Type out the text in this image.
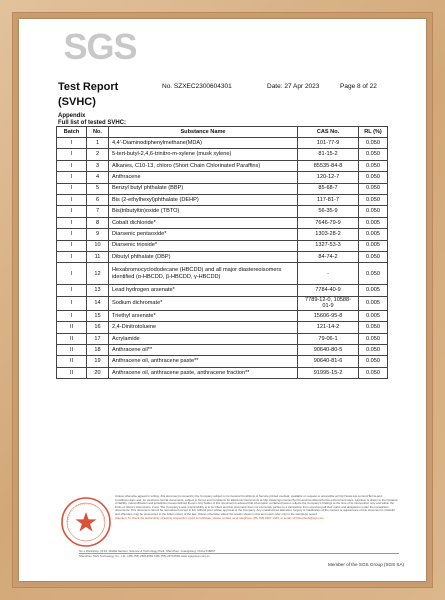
SGS
Test Report
(SVHC)
No. SZXEC2300604301	Date: 27 Apr 2023	Page 8 of 22
Appendix
Full list of tested SVHC:
Batch	No.	Substance Name	CAS No.	RL (%)
I	1	4,4'-Diaminodiphenylmethane(MDA)	101-77-9	0.050
I	2	5-tert-butyl-2,4,6-trinitro-m-xylene (musk xylene)	81-15-2	0.050
I	3	Alkanes, C10-13, chloro (Short Chain Chlorinated Paraffins)	85535-84-8	0.050
I	4	Anthracene	120-12-7	0.050
I	5	Benzyl butyl phthalate (BBP)	85-68-7	0.050
I	6	Bis (2-ethylhexyl)phthalate (DEHP)	117-81-7	0.050
I	7	Bis(tributyltin)oxide (TBTO)	56-35-9	0.050
I	8	Cobalt dichloride*	7646-79-9	0.005
I	9	Diarsenic pentaoxide*	1303-28-2	0.005
I	10	Diarsenic trioxide*	1327-53-3	0.005
I	11	Dibutyl phthalate (DBP)	84-74-2	0.050
I	12	Hexabromocyclododecane (HBCDD) and all major diastereoisomers identified (α-HBCDD, β-HBCDD, γ-HBCDD)	-	0.050
I	13	Lead hydrogen arsenate*	7784-40-9	0.005
I	14	Sodium dichromate*	7789-12-0, 10588-01-9	0.005
I	15	Triethyl arsenate*	15606-95-8	0.005
II	16	2,4-Dinitrotoluene	121-14-2	0.050
II	17	Acrylamide	79-06-1	0.050
II	18	Anthracene oil**	90640-80-5	0.050
II	19	Anthracene oil, anthracene paste**	90640-81-6	0.050
II	20	Anthracene oil, anthracene paste, anthracene fraction**	91995-15-2	0.050
Unless otherwise agreed in writing, this document is issued by the Company subject to its General Conditions of Service printed overleaf, available on request or accessible at http://www.sgs.com/en/Terms-and-Conditions.aspx and, for electronic format documents, subject to Terms and Conditions for Electronic Documents at http://www.sgs.com/en/Terms-and-Conditions/Terms-e-Document.aspx. Attention is drawn to the limitation of liability, indemnification and jurisdiction issues defined therein. Any holder of this document is advised that information contained hereon reflects the Company's findings at the time of its intervention only and within the limits of Client's instructions, if any. The Company's sole responsibility is to its Client and this document does not exonerate parties to a transaction from exercising all their rights and obligations under the transaction documents. This document cannot be reproduced except in full, without prior written approval of the Company. Any unauthorized alteration, forgery or falsification of the content or appearance of this document is unlawful and offenders may be prosecuted to the fullest extent of the law. Unless otherwise stated the results shown in this test report refer only to the sample(s) tested.
Attention: To check the authenticity of testing /inspection report & certificate, please contact us at telephone: (86-755) 8307 1443, or email: CN.Doccheck@sgs.com
No.1 Workshop, M-10, Middle Section, Science & Technology Park, Shenzhen, Guangdong, China 518057
Shenzhen SGS Technology Co., Ltd. t (86-755) 26012053 f (86-755) 26710594 www.sgsgroup.com.cn
Member of the SGS Group (SGS SA)
